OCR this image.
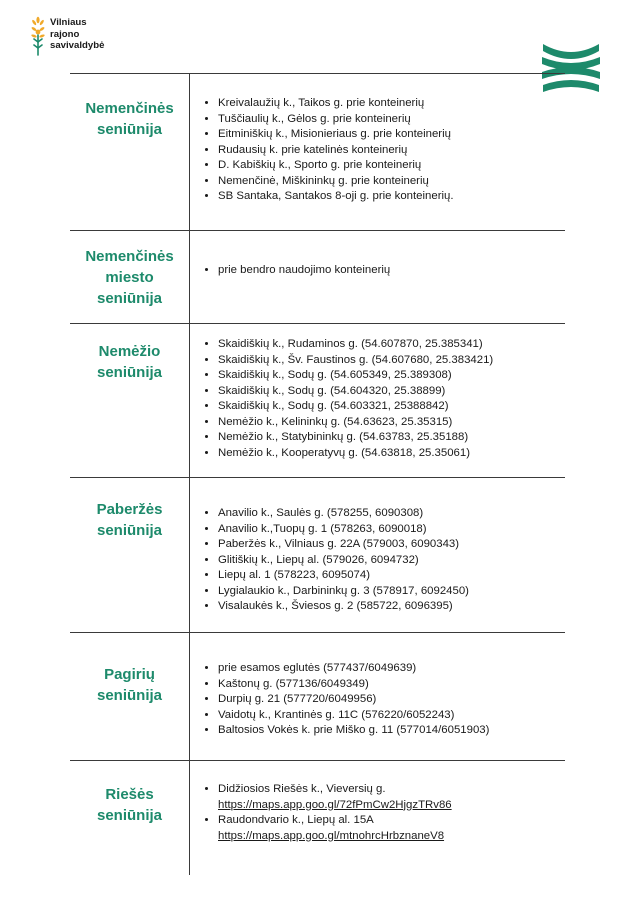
Vilniaus
rajono
savivaldybė
Nemenčinės
seniūnija
• Kreivalaužių k., Taikos g. prie konteinerių
• Tuščiaulių k., Gėlos g. prie konteinerių
• Eitminiškių k., Misionieriaus g. prie konteinerių
• Rudausių k. prie katelinės konteinerių
• D. Kabiškių k., Sporto g. prie konteinerių
• Nemenčinė, Miškininkų g. prie konteinerių
• SB Santaka, Santakos 8-oji g. prie konteinerių.
Nemenčinės
miesto
seniūnija
• prie bendro naudojimo konteinerių
Nemėžio
seniūnija
• Skaidiškių k., Rudaminos g. (54.607870, 25.385341)
• Skaidiškių k., Šv. Faustinos g. (54.607680, 25.383421)
• Skaidiškių k., Sodų g. (54.605349, 25.389308)
• Skaidiškių k., Sodų g. (54.604320, 25.38899)
• Skaidiškių k., Sodų g. (54.603321, 25388842)
• Nemėžio k., Kelininkų g. (54.63623, 25.35315)
• Nemėžio k., Statybininkų g. (54.63783, 25.35188)
• Nemėžio k., Kooperatyvų g. (54.63818, 25.35061)
Paberžės
seniūnija
• Anavilio k., Saulės g. (578255, 6090308)
• Anavilio k.,Tuopų g. 1 (578263, 6090018)
• Paberžės k., Vilniaus g. 22A (579003, 6090343)
• Glitiškių k., Liepų al. (579026, 6094732)
• Liepų al. 1 (578223, 6095074)
• Lygialaukio k., Darbininkų g. 3 (578917, 6092450)
• Visalaukės k., Šviesos g. 2 (585722, 6096395)
Pagirių
seniūnija
• prie esamos eglutės (577437/6049639)
• Kaštonų g. (577136/6049349)
• Durpių g. 21 (577720/6049956)
• Vaidotų k., Krantinės g. 11C (576220/6052243)
• Baltosios Vokės k. prie Miško g. 11 (577014/6051903)
Riešės
seniūnija
• Didžiosios Riešės k., Vieversių g.
https://maps.app.goo.gl/72fPmCw2HjgzTRv86
• Raudondvario k., Liepų al. 15A
https://maps.app.goo.gl/mtnohrcHrbznaneV8
